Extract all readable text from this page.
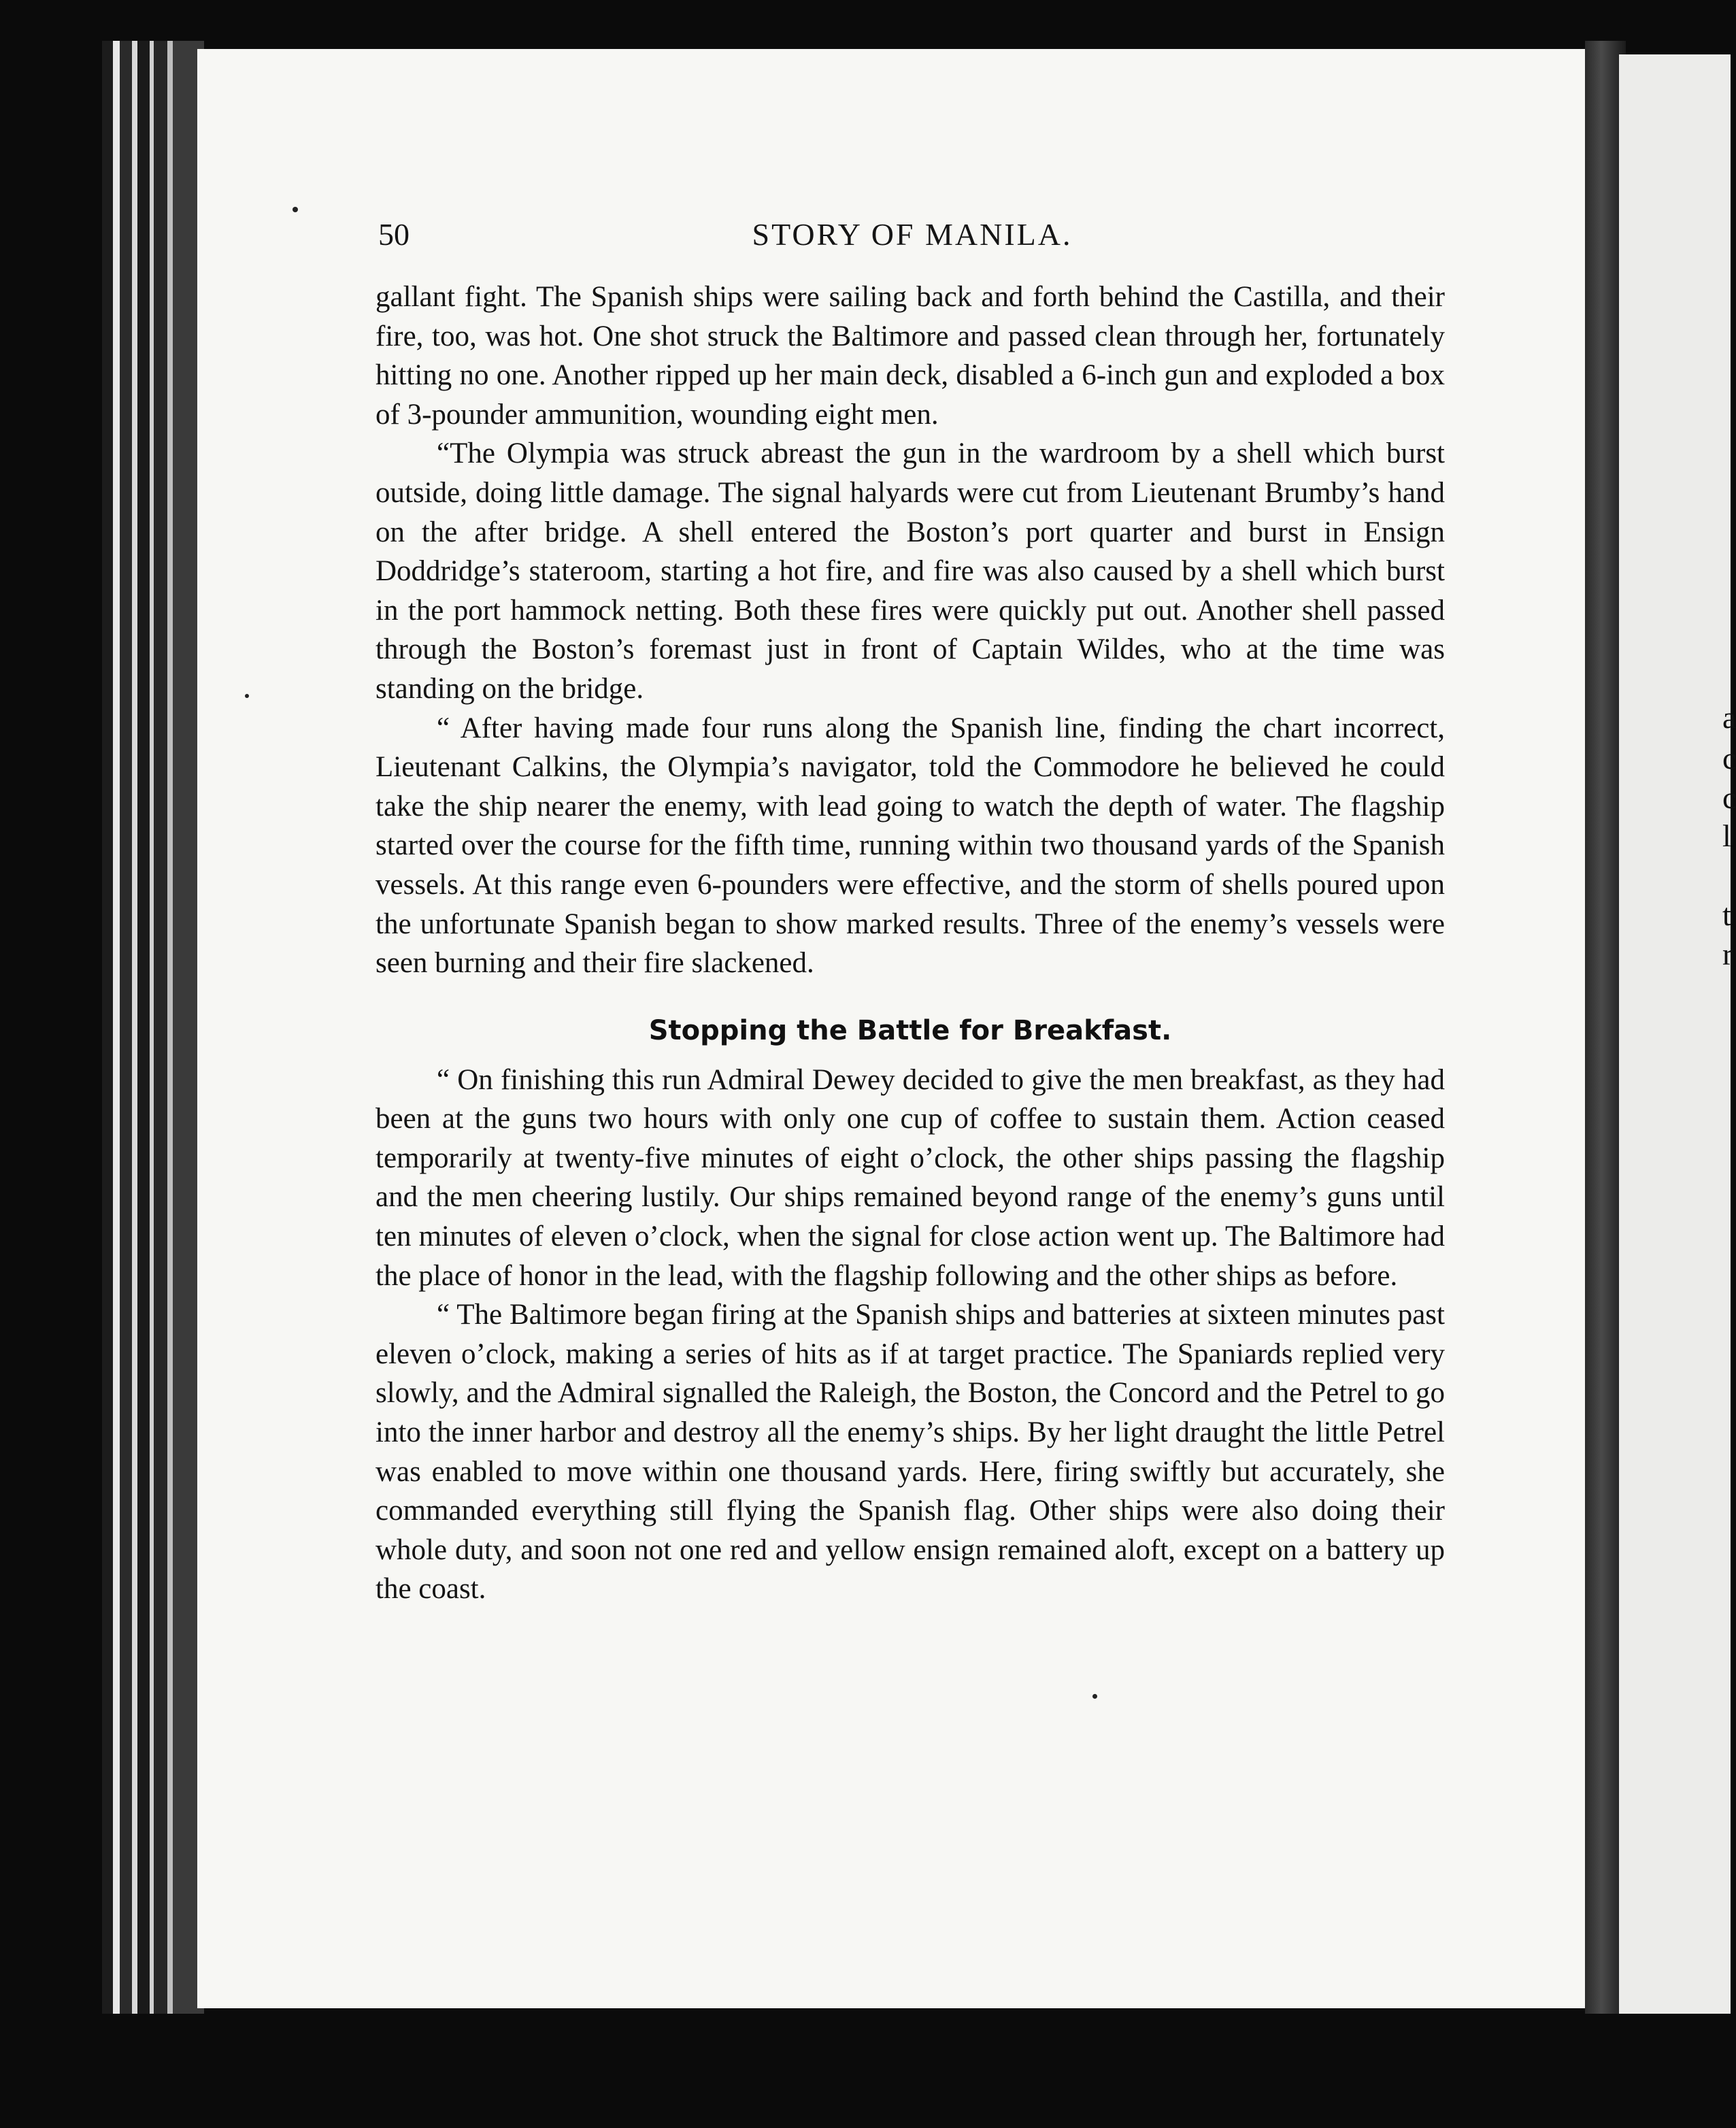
a
c
c
l
t
r
50	STORY OF MANILA.

gallant fight. The Spanish ships were sailing back and forth behind the Castilla, and their fire, too, was hot. One shot struck the Baltimore and passed clean through her, fortunately hitting no one. Another ripped up her main deck, disabled a 6-inch gun and exploded a box of 3-pounder ammunition, wounding eight men.

“The Olympia was struck abreast the gun in the wardroom by a shell which burst outside, doing little damage. The signal halyards were cut from Lieutenant Brumby’s hand on the after bridge. A shell entered the Boston’s port quarter and burst in Ensign Doddridge’s stateroom, starting a hot fire, and fire was also caused by a shell which burst in the port hammock netting. Both these fires were quickly put out. Another shell passed through the Boston’s foremast just in front of Captain Wildes, who at the time was standing on the bridge.

“ After having made four runs along the Spanish line, finding the chart incorrect, Lieutenant Calkins, the Olympia’s navigator, told the Commodore he believed he could take the ship nearer the enemy, with lead going to watch the depth of water. The flagship started over the course for the fifth time, running within two thousand yards of the Spanish vessels. At this range even 6-pounders were effective, and the storm of shells poured upon the unfortunate Spanish began to show marked results. Three of the enemy’s vessels were seen burning and their fire slackened.

Stopping the Battle for Breakfast.

“ On finishing this run Admiral Dewey decided to give the men breakfast, as they had been at the guns two hours with only one cup of coffee to sustain them. Action ceased temporarily at twenty-five minutes of eight o’clock, the other ships passing the flagship and the men cheering lustily. Our ships remained beyond range of the enemy’s guns until ten minutes of eleven o’clock, when the signal for close action went up. The Baltimore had the place of honor in the lead, with the flagship following and the other ships as before.

“ The Baltimore began firing at the Spanish ships and batteries at sixteen minutes past eleven o’clock, making a series of hits as if at target practice. The Spaniards replied very slowly, and the Admiral signalled the Raleigh, the Boston, the Concord and the Petrel to go into the inner harbor and destroy all the enemy’s ships. By her light draught the little Petrel was enabled to move within one thousand yards. Here, firing swiftly but accurately, she commanded everything still flying the Spanish flag. Other ships were also doing their whole duty, and soon not one red and yellow ensign remained aloft, except on a battery up the coast.
